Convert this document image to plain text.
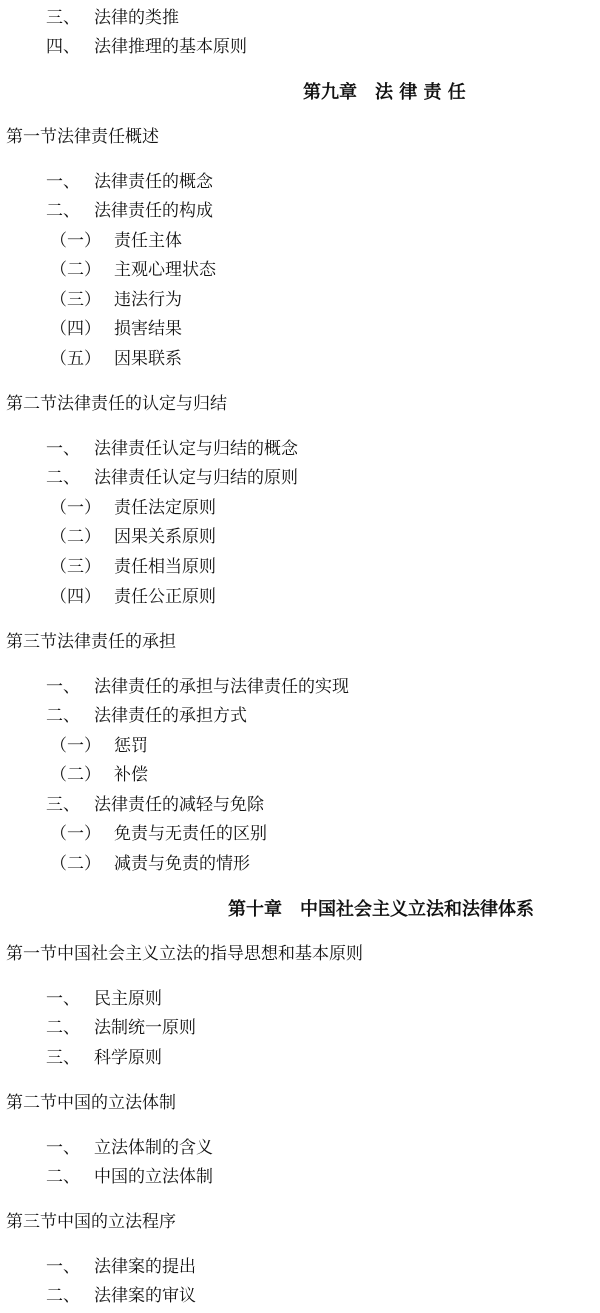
三、 法律的类推
四、 法律推理的基本原则
第九章　法 律 责 任
第一节法律责任概述
一、 法律责任的概念
二、 法律责任的构成
（一） 责任主体
（二） 主观心理状态
（三） 违法行为
（四） 损害结果
（五） 因果联系
第二节法律责任的认定与归结
一、 法律责任认定与归结的概念
二、 法律责任认定与归结的原则
（一） 责任法定原则
（二） 因果关系原则
（三） 责任相当原则
（四） 责任公正原则
第三节法律责任的承担
一、 法律责任的承担与法律责任的实现
二、 法律责任的承担方式
（一） 惩罚
（二） 补偿
三、 法律责任的减轻与免除
（一） 免责与无责任的区别
（二） 减责与免责的情形
第十章　中国社会主义立法和法律体系
第一节中国社会主义立法的指导思想和基本原则
一、 民主原则
二、 法制统一原则
三、 科学原则
第二节中国的立法体制
一、 立法体制的含义
二、 中国的立法体制
第三节中国的立法程序
一、 法律案的提出
二、 法律案的审议
